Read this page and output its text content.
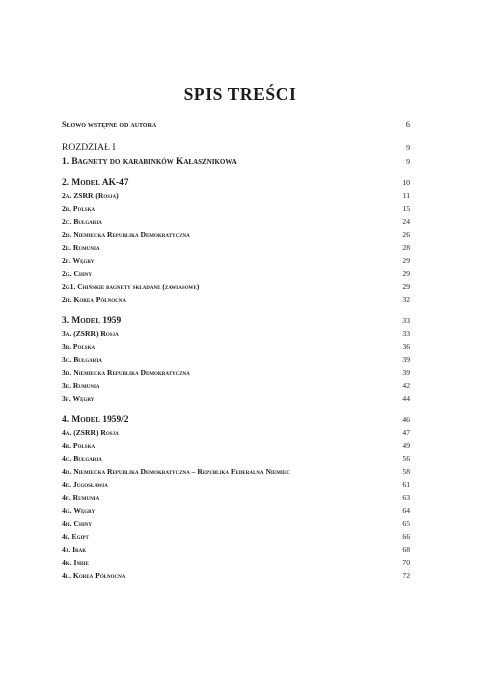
SPIS TREŚCI
Słowo wstępne od autora	6
ROZDZIAŁ I	9
1. Bagnety do karabinków Kałasznikowa	9
2. Model AK-47	10
2a. ZSRR (Rosja)	11
2b. Polska	15
2c. Bułgaria	24
2d. Niemiecka Republika Demokratyczna	26
2e. Rumunia	28
2f. Węgry	29
2g. Chiny	29
2g1. Chińskie bagnety składane (zawiasowe)	29
2h. Korea Północna	32
3. Model 1959	33
3a. (ZSRR) Rosja	33
3b. Polska	36
3c. Bułgaria	39
3d. Niemiecka Republika Demokratyczna	39
3e. Rumunia	42
3f. Węgry	44
4. Model 1959/2	46
4a. (ZSRR) Rosja	47
4b. Polska	49
4c. Bułgaria	56
4d. Niemiecka Republika Demokratyczna – Republika Federalna Niemiec	58
4e. Jugosławia	61
4f. Rumunia	63
4g. Węgry	64
4h. Chiny	65
4i. Egipt	66
4j. Irak	68
4k. Indie	70
4l. Korea Północna	72
